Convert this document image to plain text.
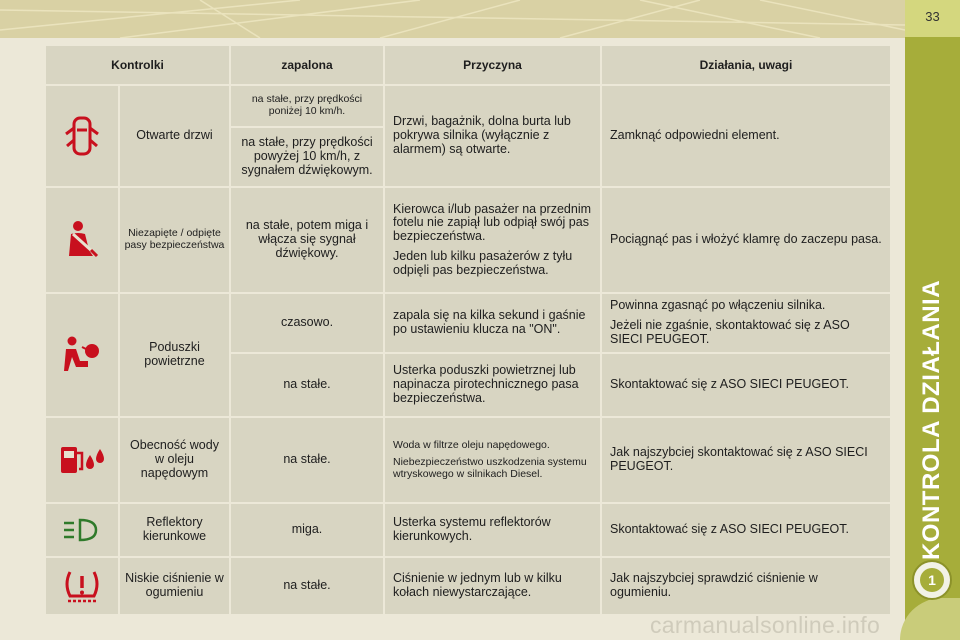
33
KONTROLA DZIAŁANIA
1
Kontrolki		zapalona	Przyczyna	Działania, uwagi

	Otwarte drzwi	na stałe, przy prędkości poniżej 10 km/h.	Drzwi, bagażnik, dolna burta lub pokrywa silnika (wyłącznie z alarmem) są otwarte.	Zamknąć odpowiedni element.
		na stałe, przy prędkości powyżej 10 km/h, z sygnałem dźwiękowym.		

	Niezapięte / odpięte pasy bezpieczeństwa	na stałe, potem miga i włącza się sygnał dźwiękowy.	Kierowca i/lub pasażer na przednim fotelu nie zapiął lub odpiął swój pas bezpieczeństwa.
Jeden lub kilku pasażerów z tyłu odpięli pas bezpieczeństwa.	Pociągnąć pas i włożyć klamrę do zaczepu pasa.

	Poduszki powietrzne	czasowo.	zapala się na kilka sekund i gaśnie po ustawieniu klucza na "ON".	Powinna zgasnąć po włączeniu silnika.
Jeżeli nie zgaśnie, skontaktować się z ASO SIECI PEUGEOT.

		na stałe.	Usterka poduszki powietrznej lub napinacza pirotechnicznego pasa bezpieczeństwa.	Skontaktować się z ASO SIECI PEUGEOT.

	Obecność wody w oleju napędowym	na stałe.	Woda w filtrze oleju napędowego.
Niebezpieczeństwo uszkodzenia systemu wtryskowego w silnikach Diesel.	Jak najszybciej skontaktować się z ASO SIECI PEUGEOT.

	Reflektory kierunkowe	miga.	Usterka systemu reflektorów kierunkowych.	Skontaktować się z ASO SIECI PEUGEOT.

	Niskie ciśnienie w ogumieniu	na stałe.	Ciśnienie w jednym lub w kilku kołach niewystarczające.	Jak najszybciej sprawdzić ciśnienie w ogumieniu.
carmanualsonline.info
